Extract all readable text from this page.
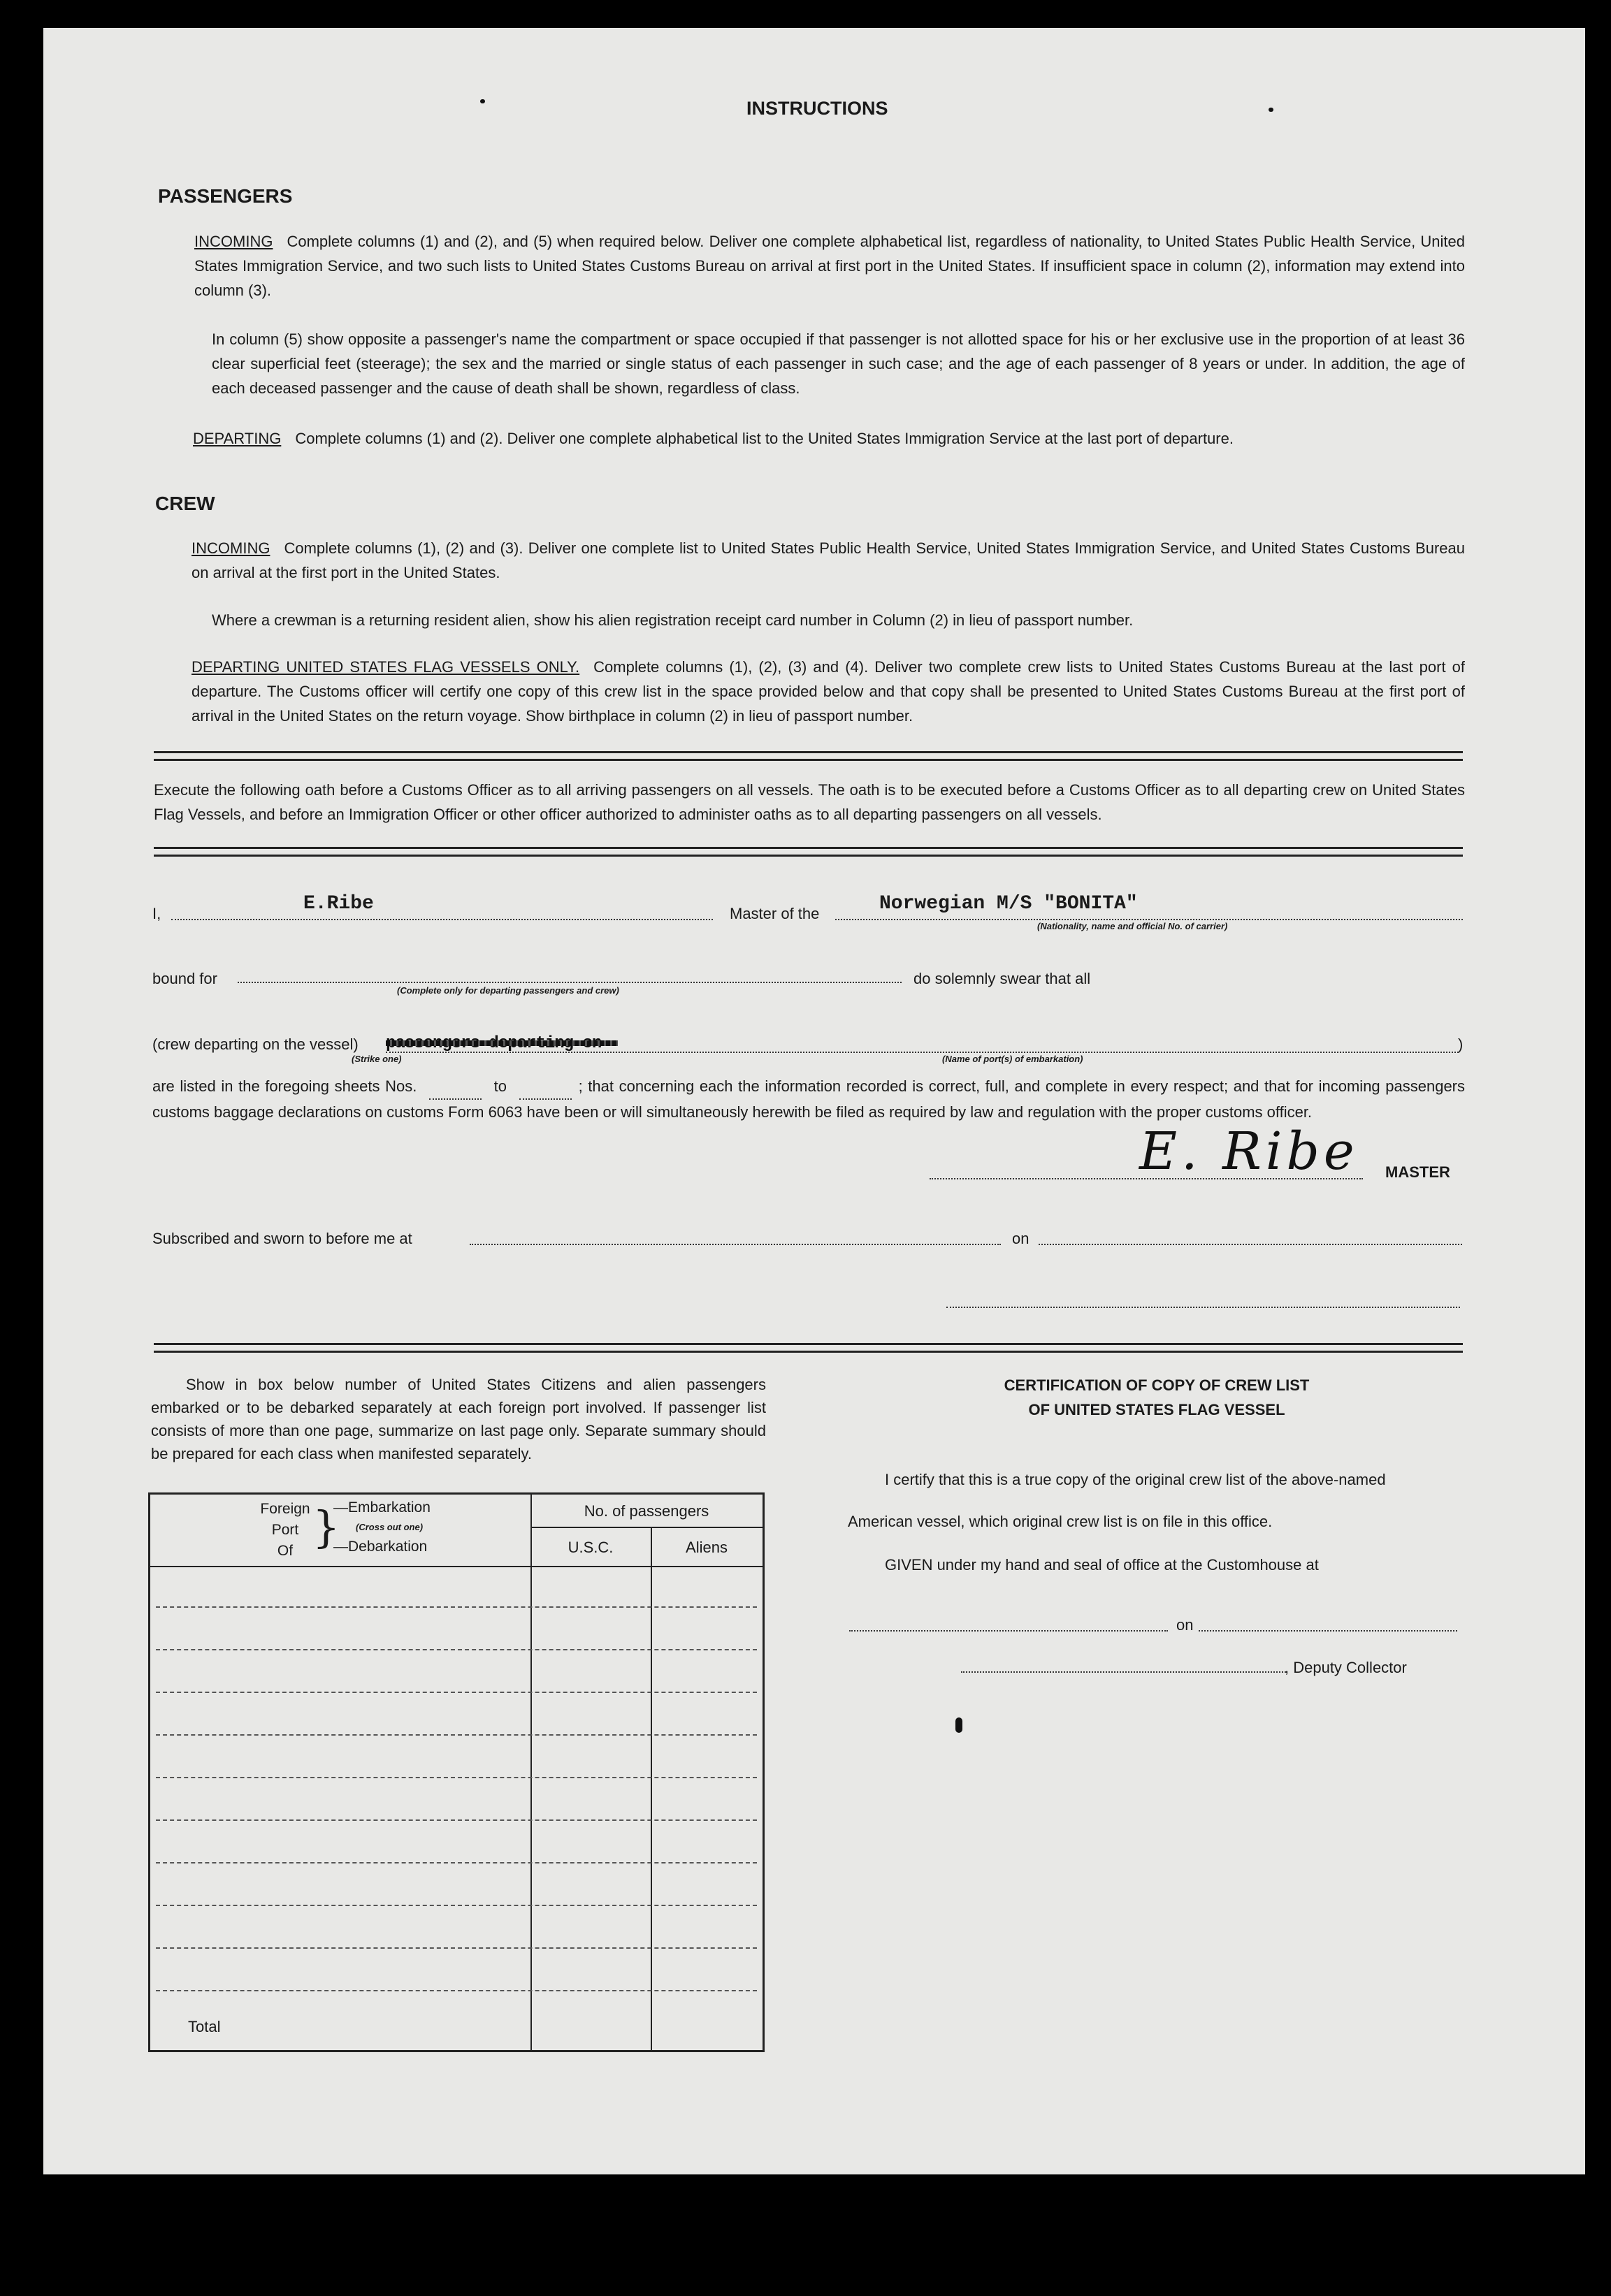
INSTRUCTIONS
PASSENGERS
INCOMING Complete columns (1) and (2), and (5) when required below. Deliver one complete alphabetical list, regardless of nationality, to United States Public Health Service, United States Immigration Service, and two such lists to United States Customs Bureau on arrival at first port in the United States. If insufficient space in column (2), information may extend into column (3).
In column (5) show opposite a passenger's name the compartment or space occupied if that passenger is not allotted space for his or her exclusive use in the proportion of at least 36 clear superficial feet (steerage); the sex and the married or single status of each passenger in such case; and the age of each passenger of 8 years or under. In addition, the age of each deceased passenger and the cause of death shall be shown, regardless of class.
DEPARTING Complete columns (1) and (2). Deliver one complete alphabetical list to the United States Immigration Service at the last port of departure.
CREW
INCOMING Complete columns (1), (2) and (3). Deliver one complete list to United States Public Health Service, United States Immigration Service, and United States Customs Bureau on arrival at the first port in the United States.
Where a crewman is a returning resident alien, show his alien registration receipt card number in Column (2) in lieu of passport number.
DEPARTING UNITED STATES FLAG VESSELS ONLY. Complete columns (1), (2), (3) and (4). Deliver two complete crew lists to United States Customs Bureau at the last port of departure. The Customs officer will certify one copy of this crew list in the space provided below and that copy shall be presented to United States Customs Bureau at the first port of arrival in the United States on the return voyage. Show birthplace in column (2) in lieu of passport number.
Execute the following oath before a Customs Officer as to all arriving passengers on all vessels. The oath is to be executed before a Customs Officer as to all departing crew on United States Flag Vessels, and before an Immigration Officer or other officer authorized to administer oaths as to all departing passengers on all vessels.
I,	E.Ribe	Master of the	Norwegian M/S "BONITA"
(Nationality, name and official No. of carrier)
bound for
(Complete only for departing passengers and crew)
do solemnly swear that all
(crew departing on the vessel)
(Strike one)	(Name of port(s) of embarkation)
)
are listed in the foregoing sheets Nos.	to	; that concerning each the information recorded is correct, full, and complete in every respect; and that for incoming passengers customs baggage declarations on customs Form 6063 have been or will simultaneously herewith be filed as required by law and regulation with the proper customs officer.
E. Ribe MASTER
Subscribed and sworn to before me at	on
Show in box below number of United States Citizens and alien passengers embarked or to be debarked separately at each foreign port involved. If passenger list consists of more than one page, summarize on last page only. Separate summary should be prepared for each class when manifested separately.
Foreign
Port
Of }
—Embarkation
(Cross out one)
—Debarkation
No. of passengers
U.S.C.	Aliens
Total
CERTIFICATION OF COPY OF CREW LIST
OF UNITED STATES FLAG VESSEL
I certify that this is a true copy of the original crew list of the above-named
American vessel, which original crew list is on file in this office.
GIVEN under my hand and seal of office at the Customhouse at
on
, Deputy Collector
